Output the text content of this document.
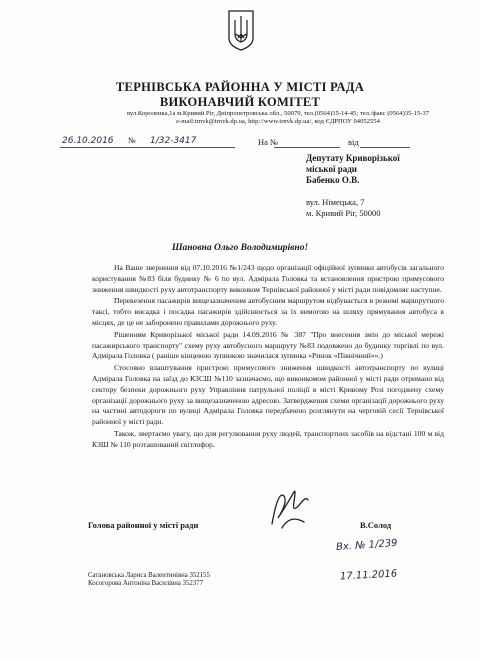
ТЕРНІВСЬКА РАЙОННА У МІСТІ РАДА
ВИКОНАВЧИЙ КОМІТЕТ
вул.Короленка,1а м.Кривий Ріг, Дніпропетровська обл., 50079, тел.(0564)35-14-45; тел./факс (0564)35-15-37
e-mail:trnvk@trnvk.dp.ua, http://www.trnvk.dp.ua/, код ЄДРПОУ 04052554
26.10.2016 № 1/32-3417	На №	від
Депутату Криворізької
міської ради
Бабенко О.В.
вул. Німецька, 7
м. Кривий Ріг, 50000
Шановна Ольго Володимирівно!

На Ваше звернення від 07.10.2016 №1/243 щодо організації офіційної зупинки автобусів загального користування №83 біля будинку № 6 по вул. Адмірала Головка та встановлення пристрою примусового зниження швидкості руху автотранспорту виконком Тернівської районної у місті ради повідомляє наступне.

Перевезення пасажирів вищезазначеним автобусним маршрутом відбувається в режимі маршрутного таксі, тобто висадка і посадка пасажирів здійснюється за їх вимогою на шляху прямування автобуса в місцях, де це не заборонено правилами дорожнього руху.

Рішенням Криворізької міської ради 14.09.2016 № 387 "Про внесення змін до міської мережі пасажирського транспорту" схему руху автобусного маршруту №83 подовжено до будинку торгівлі по вул. Адмірала Головка ( раніше кінцевою зупинкою значилася зупинка «Ринок «Північний»».)

Стосовно влаштування пристрою примусового зниження швидкості автотранспорту по вулиці Адмірала Головка на заїзд до КЗСШ №110 зазначаємо, що виконкомом районної у місті ради отримано від сектору безпеки дорожнього руху Управління патрульної поліції в місті Кривому Розі погоджену схему організації дорожнього руху за вищезазначеною адресою. Затвердження схеми організації дорожнього руху на частині автодороги по вулиці Адмірала Головка передбачено розглянути на черговій сесії Тернівської районної у місті ради.

Також, звертаємо увагу, що для регулювання руху людей, транспортних засобів на відстані 100 м від КЗШ № 110 розташований світлофор.

Голова районної у місті ради	В.Солод
Вх. № 1/239
17.11.2016
Сатановська Лариса Валентинівна 352155
Косогорова Антоніна Василівна 352377
